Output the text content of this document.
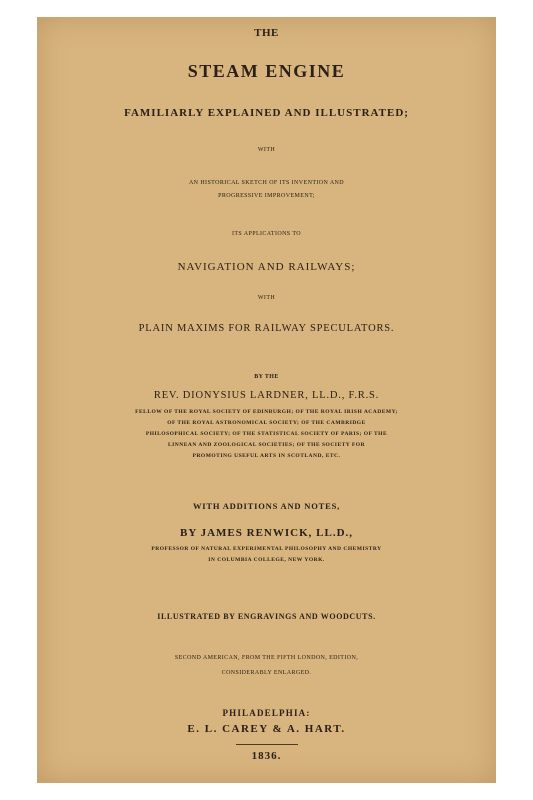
THE
STEAM ENGINE
FAMILIARLY EXPLAINED AND ILLUSTRATED;
WITH
AN HISTORICAL SKETCH OF ITS INVENTION AND
PROGRESSIVE IMPROVEMENT;
ITS APPLICATIONS TO
NAVIGATION AND RAILWAYS;
WITH
PLAIN MAXIMS FOR RAILWAY SPECULATORS.
BY THE
REV. DIONYSIUS LARDNER, LL.D., F.R.S.
FELLOW OF THE ROYAL SOCIETY OF EDINBURGH; OF THE ROYAL IRISH ACADEMY;
OF THE ROYAL ASTRONOMICAL SOCIETY; OF THE CAMBRIDGE
PHILOSOPHICAL SOCIETY; OF THE STATISTICAL SOCIETY OF PARIS; OF THE
LINNEAN AND ZOOLOGICAL SOCIETIES; OF THE SOCIETY FOR
PROMOTING USEFUL ARTS IN SCOTLAND, ETC.
WITH ADDITIONS AND NOTES,
BY JAMES RENWICK, LL.D.,
PROFESSOR OF NATURAL EXPERIMENTAL PHILOSOPHY AND CHEMISTRY
IN COLUMBIA COLLEGE, NEW YORK.
ILLUSTRATED BY ENGRAVINGS AND WOODCUTS.
SECOND AMERICAN, FROM THE FIFTH LONDON, EDITION,
CONSIDERABLY ENLARGED.
PHILADELPHIA:
E. L. CAREY & A. HART.
1836.
